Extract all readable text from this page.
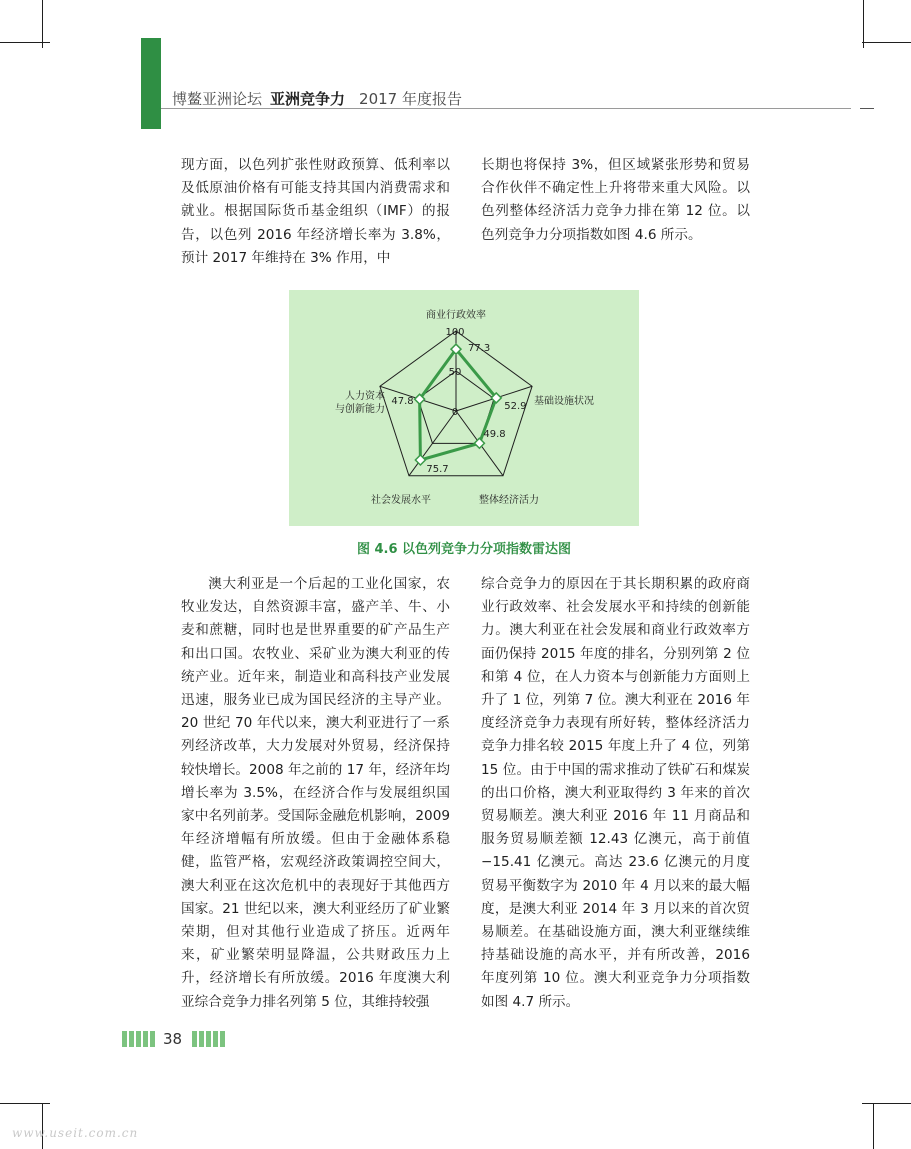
博鳌亚洲论坛 亚洲竞争力 2017 年度报告

现方面，以色列扩张性财政预算、低利率以及低原油价格有可能支持其国内消费需求和就业。根据国际货币基金组织（IMF）的报告，以色列 2016 年经济增长率为 3.8%，预计 2017 年维持在 3% 作用，中

长期也将保持 3%，但区域紧张形势和贸易合作伙伴不确定性上升将带来重大风险。以色列整体经济活力竞争力排在第 12 位。以色列竞争力分项指数如图 4.6 所示。

0
50
100
77.3
52.9
49.8
75.7
47.8
商业行政效率
基础设施状况
整体经济活力
社会发展水平
人力资本
与创新能力
图 4.6 以色列竞争力分项指数雷达图

澳大利亚是一个后起的工业化国家，农牧业发达，自然资源丰富，盛产羊、牛、小麦和蔗糖，同时也是世界重要的矿产品生产和出口国。农牧业、采矿业为澳大利亚的传统产业。近年来，制造业和高科技产业发展迅速，服务业已成为国民经济的主导产业。20 世纪 70 年代以来，澳大利亚进行了一系列经济改革，大力发展对外贸易，经济保持较快增长。2008 年之前的 17 年，经济年均增长率为 3.5%，在经济合作与发展组织国家中名列前茅。受国际金融危机影响，2009 年经济增幅有所放缓。但由于金融体系稳健，监管严格，宏观经济政策调控空间大，澳大利亚在这次危机中的表现好于其他西方国家。21 世纪以来，澳大利亚经历了矿业繁荣期，但对其他行业造成了挤压。近两年来，矿业繁荣明显降温，公共财政压力上升，经济增长有所放缓。2016 年度澳大利亚综合竞争力排名列第 5 位，其维持较强

综合竞争力的原因在于其长期积累的政府商业行政效率、社会发展水平和持续的创新能力。澳大利亚在社会发展和商业行政效率方面仍保持 2015 年度的排名，分别列第 2 位和第 4 位，在人力资本与创新能力方面则上升了 1 位，列第 7 位。澳大利亚在 2016 年度经济竞争力表现有所好转，整体经济活力竞争力排名较 2015 年度上升了 4 位，列第 15 位。由于中国的需求推动了铁矿石和煤炭的出口价格，澳大利亚取得约 3 年来的首次贸易顺差。澳大利亚 2016 年 11 月商品和服务贸易顺差额 12.43 亿澳元，高于前值 −15.41 亿澳元。高达 23.6 亿澳元的月度贸易平衡数字为 2010 年 4 月以来的最大幅度，是澳大利亚 2014 年 3 月以来的首次贸易顺差。在基础设施方面，澳大利亚继续维持基础设施的高水平，并有所改善，2016 年度列第 10 位。澳大利亚竞争力分项指数如图 4.7 所示。

38
www.useit.com.cn
